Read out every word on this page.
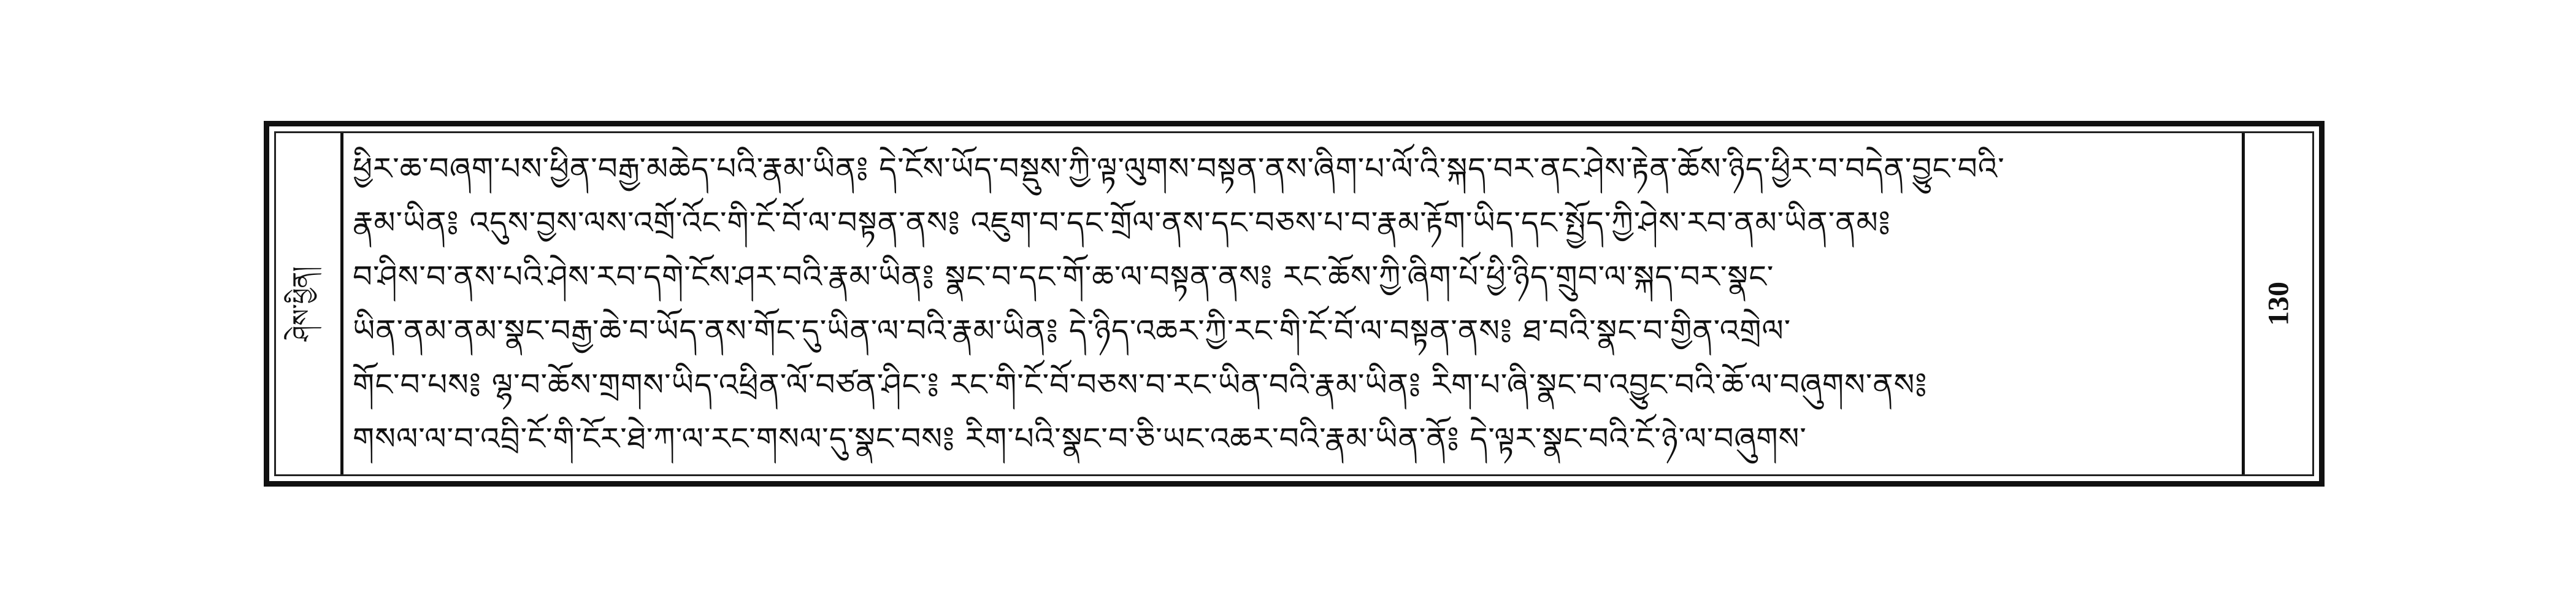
ཤེས་ཕྱིན།
ཕྱིར་ཆ་བཞག་པས་ཕྱིན་བརྒྱ་མཆེད་པའི་རྣམ་ཡིན༔ དེ་ངོས་ཡོད་བསྡུས་ཀྱི་ལྟ་ལུགས་བསྟན་ནས་ཞིག་པ་ལོ་འི་སྐད་བར་ནང་ཤེས་རྟེན་ཆོས་ཉིད་ཕྱིར་བ་བདེན་བྱུང་བའི་
རྣམ་ཡིན༔ འདུས་བྱས་ལས་འགྲོ་འོང་གི་ངོ་བོ་ལ་བསྟན་ནས༔ འཇུག་བ་དང་གྲོལ་ནས་དང་བཅས་པ་བ་རྣམ་རྟོག་ཡིད་དང་སྤྱོད་ཀྱི་ཤེས་རབ་ནམ་ཡིན་ནམ༔
བ་ཤིས་བ་ནས་པའི་ཤེས་རབ་དགེ་ངོས་ཤར་བའི་རྣམ་ཡིན༔ སྣང་བ་དང་གོ་ཆ་ལ་བསྟན་ནས༔ རང་ཆོས་ཀྱི་ཞིག་པོ་ཕྱི་ཉིད་གྲུབ་ལ་སྐད་བར་སྣང་
ཡིན་ནམ་ནམ་སྣང་བརྒྱ་ཆེ་བ་ཡོད་ནས་གོང་དུ་ཡིན་ལ་བའི་རྣམ་ཡིན༔ དེ་ཉིད་འཆར་ཀྱི་རང་གི་ངོ་བོ་ལ་བསྟན་ནས༔ ཐ་བའི་སྣང་བ་གྱིན་འགྲེལ་
གོང་བ་པས༔ ལྷ་བ་ཆོས་གྲགས་ཡིད་འཕྲིན་ལོ་བཙན་ཤིང་༔ རང་གི་ངོ་བོ་བཅས་བ་རང་ཡིན་བའི་རྣམ་ཡིན༔ རིག་པ་ཞི་སྣང་བ་འབྱུང་བའི་ཆོ་ལ་བཞུགས་ནས༔
གསལ་ལ་བ་འབྲི་ངོ་གི་ངོར་ཐེ་ཀ་ལ་རང་གསལ་དུ་སྣང་བས༔ རིག་པའི་སྣང་བ་ཅི་ཡང་འཆར་བའི་རྣམ་ཡིན་ནོ༔ དེ་ལྟར་སྣང་བའི་ངོ་ཉེ་ལ་བཞུགས་
130
